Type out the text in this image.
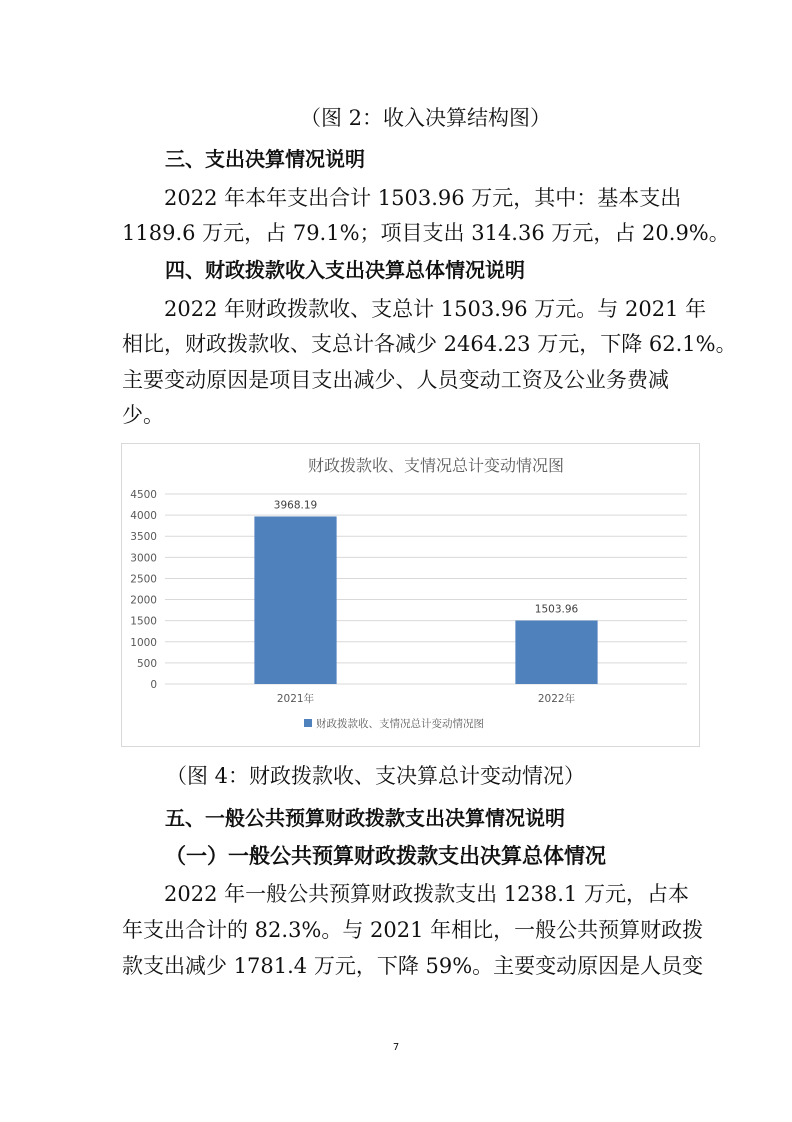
（图 2：收入决算结构图）
三、支出决算情况说明
2022 年本年支出合计 1503.96 万元，其中：基本支出
1189.6 万元，占 79.1%；项目支出 314.36 万元，占 20.9%。
四、财政拨款收入支出决算总体情况说明
2022 年财政拨款收、支总计 1503.96 万元。与 2021 年
相比，财政拨款收、支总计各减少 2464.23 万元，下降 62.1%。
主要变动原因是项目支出减少、人员变动工资及公业务费减
少。
财政拨款收、支情况总计变动情况图
0
500
1000
1500
2000
2500
3000
3500
4000
4500
3968.19
2021年
1503.96
2022年
财政拨款收、支情况总计变动情况图
（图 4：财政拨款收、支决算总计变动情况）
五、一般公共预算财政拨款支出决算情况说明
（一）一般公共预算财政拨款支出决算总体情况
2022 年一般公共预算财政拨款支出 1238.1 万元，占本
年支出合计的 82.3%。与 2021 年相比，一般公共预算财政拨
款支出减少 1781.4 万元，下降 59%。主要变动原因是人员变
7
